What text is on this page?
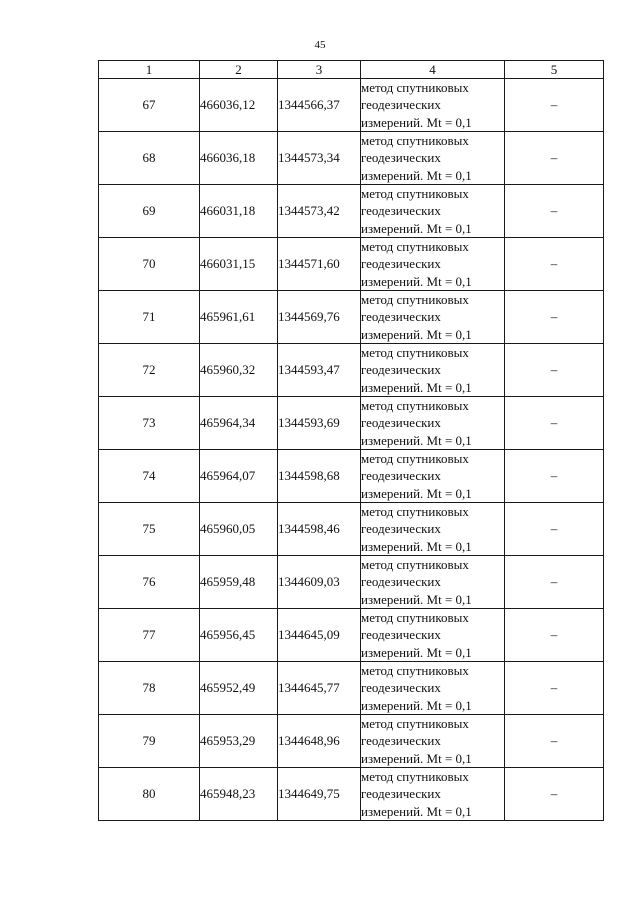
45
1	2	3	4	5
67	466036,12	1344566,37	метод спутниковых
геодезических
измерений. Mt = 0,1	–
68	466036,18	1344573,34	метод спутниковых
геодезических
измерений. Mt = 0,1	–
69	466031,18	1344573,42	метод спутниковых
геодезических
измерений. Mt = 0,1	–
70	466031,15	1344571,60	метод спутниковых
геодезических
измерений. Mt = 0,1	–
71	465961,61	1344569,76	метод спутниковых
геодезических
измерений. Mt = 0,1	–
72	465960,32	1344593,47	метод спутниковых
геодезических
измерений. Mt = 0,1	–
73	465964,34	1344593,69	метод спутниковых
геодезических
измерений. Mt = 0,1	–
74	465964,07	1344598,68	метод спутниковых
геодезических
измерений. Mt = 0,1	–
75	465960,05	1344598,46	метод спутниковых
геодезических
измерений. Mt = 0,1	–
76	465959,48	1344609,03	метод спутниковых
геодезических
измерений. Mt = 0,1	–
77	465956,45	1344645,09	метод спутниковых
геодезических
измерений. Mt = 0,1	–
78	465952,49	1344645,77	метод спутниковых
геодезических
измерений. Mt = 0,1	–
79	465953,29	1344648,96	метод спутниковых
геодезических
измерений. Mt = 0,1	–
80	465948,23	1344649,75	метод спутниковых
геодезических
измерений. Mt = 0,1	–
